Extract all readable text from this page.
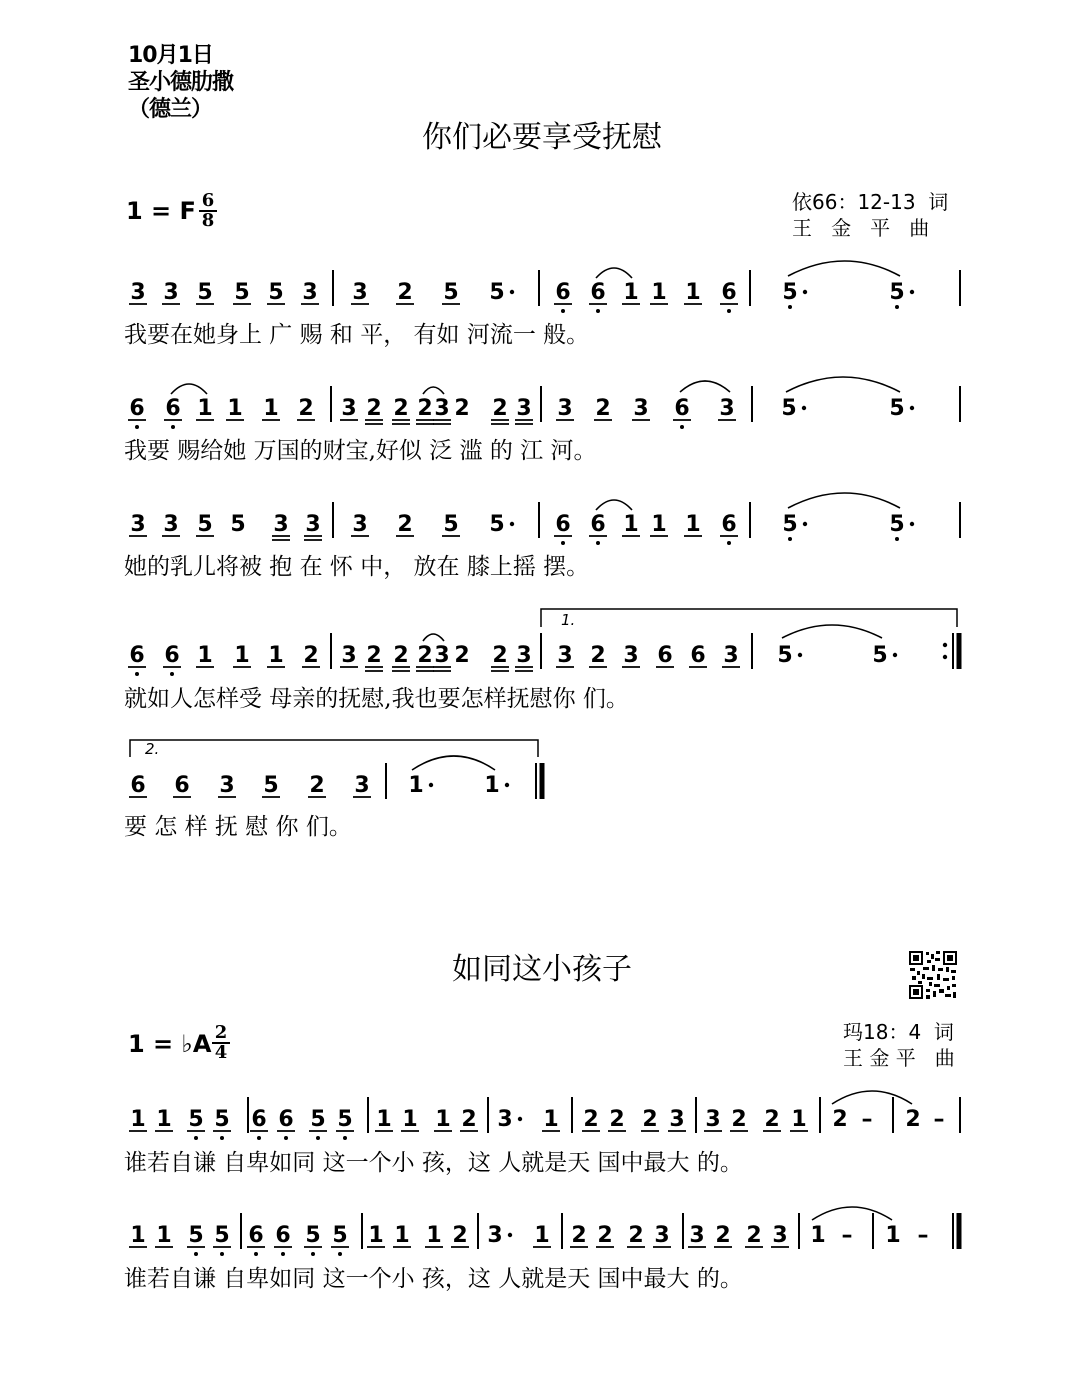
10月1日
圣小德肋撒
（德兰）
你们必要享受抚慰
1 = F 6
8
依66：12-13  词
王   金   平   曲
我要在她身上 广 赐 和 平， 有如 河流一 般。
我要 赐给她 万国的财宝,好似 泛 滥 的 江 河。
她的乳儿将被 抱 在 怀 中， 放在 膝上摇 摆。
就如人怎样受 母亲的抚慰,我也要怎样抚慰你 们。
要 怎 样 抚 慰 你 们。
如同这小孩子
1 = ♭A 2
4
玛18：4  词
王 金 平   曲
谁若自谦 自卑如同 这一个小 孩，这 人就是天 国中最大 的。
谁若自谦 自卑如同 这一个小 孩，这 人就是天 国中最大 的。
3 3 5 5 5 3 3 2 5 5 6 6 1 1 1 6 5	5
6 6 1 1 1 2 3 2 2 2 3 2 2 3 3 2 3 6 3 5	5
3 3 5 5 3 3 3 2 5 5 6 6 1 1 1 6 5	5
6 6 1 1 1 2 3 2 2 2 3 2 2 3 3 2 3 6 6 3 5	5
6 6 3 5 2 3 1	1
1 1 5 5 6 6 5 5 1 1 1 2 3 1 2 2 2 3 3 2 2 1 2 – 2 –
1 1 5 5 6 6 5 5 1 1 1 2 3 1 2 2 2 3 3 2 2 3 1 – 1 –
1.
2.
